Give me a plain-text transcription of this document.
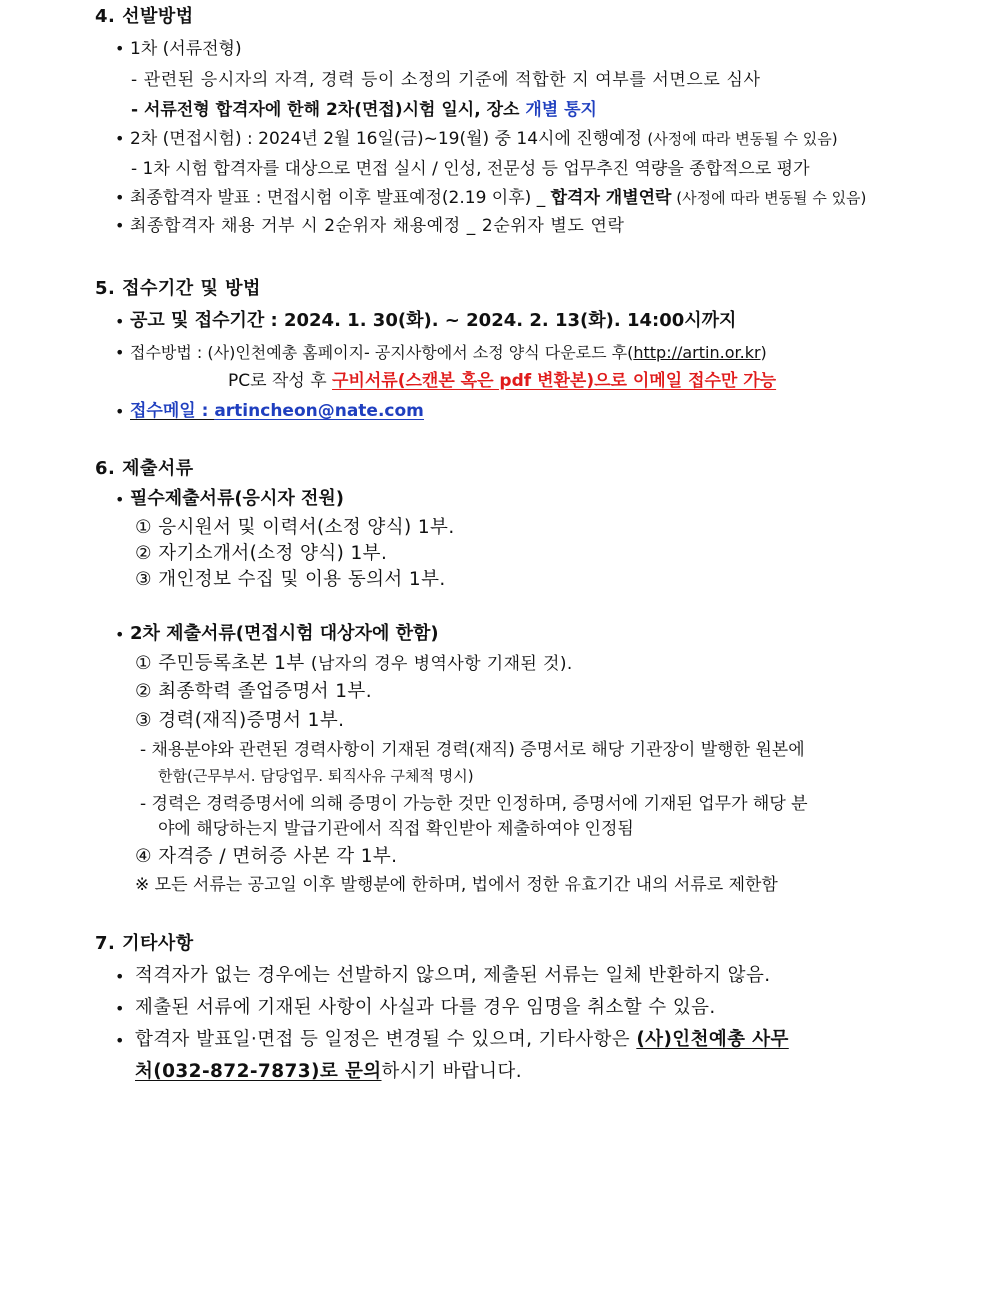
4. 선발방법
• 1차 (서류전형)
- 관련된 응시자의 자격, 경력 등이 소정의 기준에 적합한 지 여부를 서면으로 심사
- 서류전형 합격자에 한해 2차(면접)시험 일시, 장소 개별 통지
• 2차 (면접시험) : 2024년 2월 16일(금)~19(월) 중 14시에 진행예정 (사정에 따라 변동될 수 있음)
- 1차 시험 합격자를 대상으로 면접 실시 / 인성, 전문성 등 업무추진 역량을 종합적으로 평가
• 최종합격자 발표 : 면접시험 이후 발표예정(2.19 이후) _ 합격자 개별연락 (사정에 따라 변동될 수 있음)
• 최종합격자 채용 거부 시 2순위자 채용예정 _ 2순위자 별도 연락
5. 접수기간 및 방법
• 공고 및 접수기간 : 2024. 1. 30(화). ~ 2024. 2. 13(화). 14:00시까지
• 접수방법 : (사)인천예총 홈페이지- 공지사항에서 소정 양식 다운로드 후(http://artin.or.kr)
PC로 작성 후 구비서류(스캔본 혹은 pdf 변환본)으로 이메일 접수만 가능
• 접수메일 : artincheon@nate.com
6. 제출서류
• 필수제출서류(응시자 전원)
① 응시원서 및 이력서(소정 양식) 1부.
② 자기소개서(소정 양식) 1부.
③ 개인정보 수집 및 이용 동의서 1부.
• 2차 제출서류(면접시험 대상자에 한함)
① 주민등록초본 1부 (남자의 경우 병역사항 기재된 것).
② 최종학력 졸업증명서 1부.
③ 경력(재직)증명서 1부.
- 채용분야와 관련된 경력사항이 기재된 경력(재직) 증명서로 해당 기관장이 발행한 원본에
한함(근무부서. 담당업무. 퇴직사유 구체적 명시)
- 경력은 경력증명서에 의해 증명이 가능한 것만 인정하며, 증명서에 기재된 업무가 해당 분
야에 해당하는지 발급기관에서 직접 확인받아 제출하여야 인정됨
④ 자격증 / 면허증 사본 각 1부.
※ 모든 서류는 공고일 이후 발행분에 한하며, 법에서 정한 유효기간 내의 서류로 제한함
7. 기타사항
• 적격자가 없는 경우에는 선발하지 않으며, 제출된 서류는 일체 반환하지 않음.
• 제출된 서류에 기재된 사항이 사실과 다를 경우 임명을 취소할 수 있음.
• 합격자 발표일·면접 등 일정은 변경될 수 있으며, 기타사항은 (사)인천예총 사무
처(032-872-7873)로 문의하시기 바랍니다.
